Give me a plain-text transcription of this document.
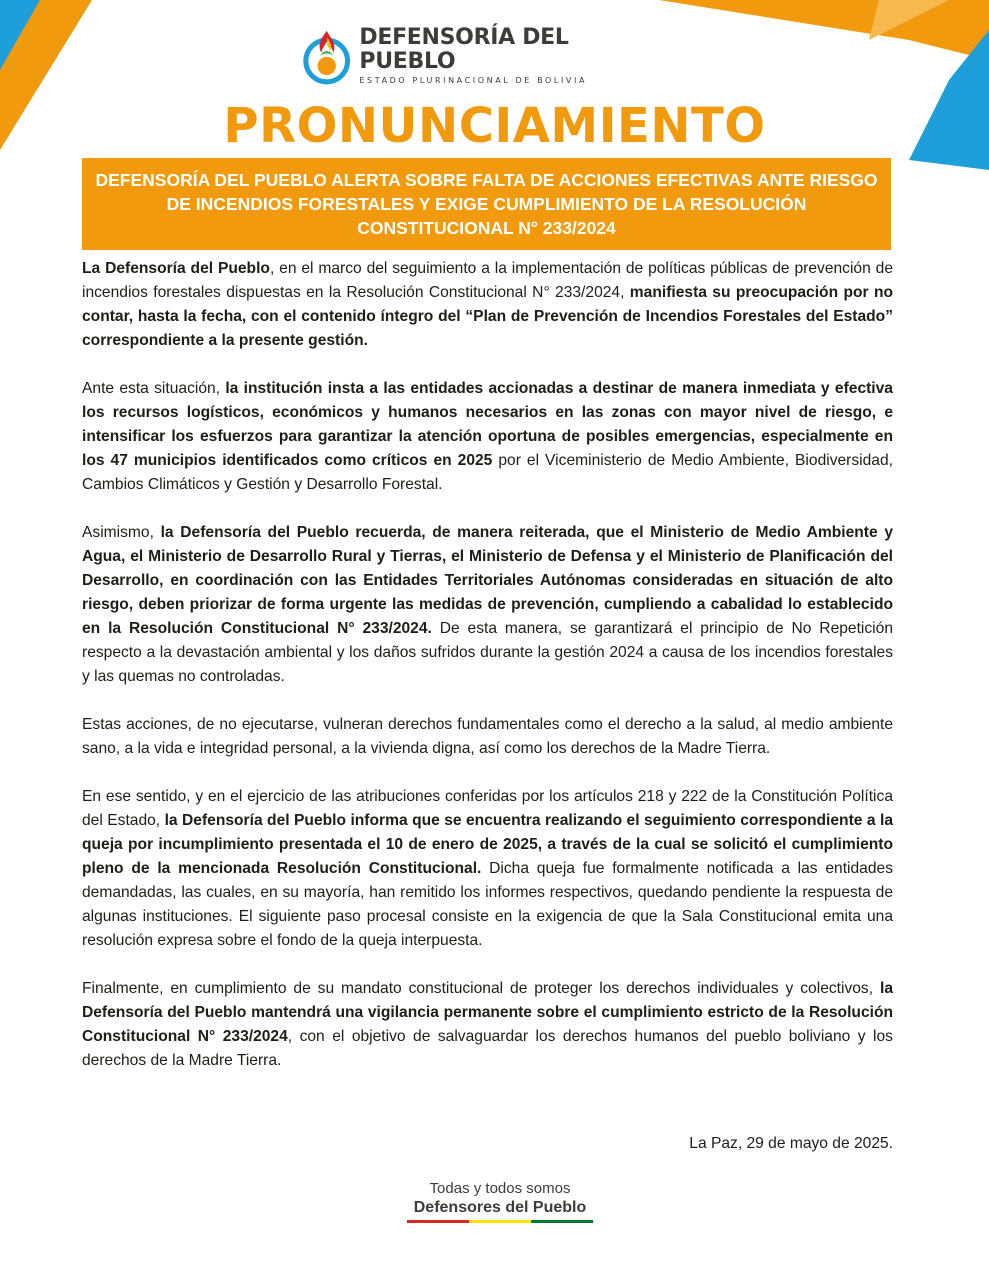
DEFENSORÍA DEL PUEBLO
ESTADO PLURINACIONAL DE BOLIVIA
PRONUNCIAMIENTO

DEFENSORÍA DEL PUEBLO ALERTA SOBRE FALTA DE ACCIONES EFECTIVAS ANTE RIESGO DE INCENDIOS FORESTALES Y EXIGE CUMPLIMIENTO DE LA RESOLUCIÓN CONSTITUCIONAL N° 233/2024

La Defensoría del Pueblo, en el marco del seguimiento a la implementación de políticas públicas de prevención de incendios forestales dispuestas en la Resolución Constitucional N° 233/2024, manifiesta su preocupación por no contar, hasta la fecha, con el contenido íntegro del “Plan de Prevención de Incendios Forestales del Estado” correspondiente a la presente gestión.

Ante esta situación, la institución insta a las entidades accionadas a destinar de manera inmediata y efectiva los recursos logísticos, económicos y humanos necesarios en las zonas con mayor nivel de riesgo, e intensificar los esfuerzos para garantizar la atención oportuna de posibles emergencias, especialmente en los 47 municipios identificados como críticos en 2025 por el Viceministerio de Medio Ambiente, Biodiversidad, Cambios Climáticos y Gestión y Desarrollo Forestal.

Asimismo, la Defensoría del Pueblo recuerda, de manera reiterada, que el Ministerio de Medio Ambiente y Agua, el Ministerio de Desarrollo Rural y Tierras, el Ministerio de Defensa y el Ministerio de Planificación del Desarrollo, en coordinación con las Entidades Territoriales Autónomas consideradas en situación de alto riesgo, deben priorizar de forma urgente las medidas de prevención, cumpliendo a cabalidad lo establecido en la Resolución Constitucional N° 233/2024. De esta manera, se garantizará el principio de No Repetición respecto a la devastación ambiental y los daños sufridos durante la gestión 2024 a causa de los incendios forestales y las quemas no controladas.

Estas acciones, de no ejecutarse, vulneran derechos fundamentales como el derecho a la salud, al medio ambiente sano, a la vida e integridad personal, a la vivienda digna, así como los derechos de la Madre Tierra.

En ese sentido, y en el ejercicio de las atribuciones conferidas por los artículos 218 y 222 de la Constitución Política del Estado, la Defensoría del Pueblo informa que se encuentra realizando el seguimiento correspondiente a la queja por incumplimiento presentada el 10 de enero de 2025, a través de la cual se solicitó el cumplimiento pleno de la mencionada Resolución Constitucional. Dicha queja fue formalmente notificada a las entidades demandadas, las cuales, en su mayoría, han remitido los informes respectivos, quedando pendiente la respuesta de algunas instituciones. El siguiente paso procesal consiste en la exigencia de que la Sala Constitucional emita una resolución expresa sobre el fondo de la queja interpuesta.

Finalmente, en cumplimiento de su mandato constitucional de proteger los derechos individuales y colectivos, la Defensoría del Pueblo mantendrá una vigilancia permanente sobre el cumplimiento estricto de la Resolución Constitucional N° 233/2024, con el objetivo de salvaguardar los derechos humanos del pueblo boliviano y los derechos de la Madre Tierra.

La Paz, 29 de mayo de 2025.
Todas y todos somos
Defensores del Pueblo
